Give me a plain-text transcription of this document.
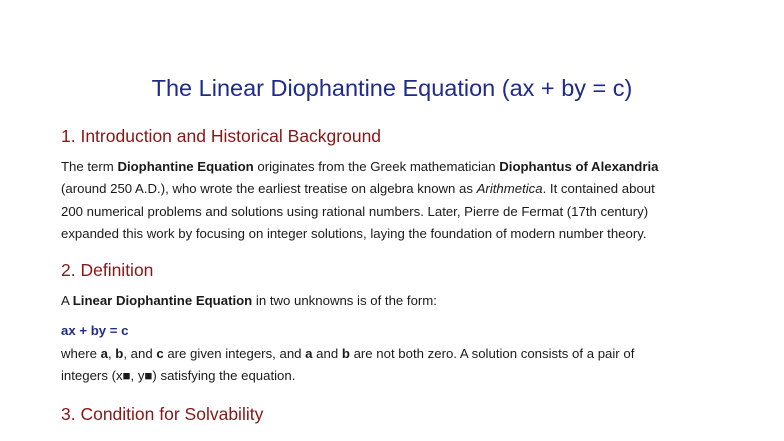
The Linear Diophantine Equation (ax + by = c)
1. Introduction and Historical Background

The term Diophantine Equation originates from the Greek mathematician Diophantus of Alexandria
(around 250 A.D.), who wrote the earliest treatise on algebra known as Arithmetica. It contained about
200 numerical problems and solutions using rational numbers. Later, Pierre de Fermat (17th century)
expanded this work by focusing on integer solutions, laying the foundation of modern number theory.

2. Definition

A Linear Diophantine Equation in two unknowns is of the form:

ax + by = c

where a, b, and c are given integers, and a and b are not both zero. A solution consists of a pair of
integers (x■, y■) satisfying the equation.

3. Condition for Solvability
